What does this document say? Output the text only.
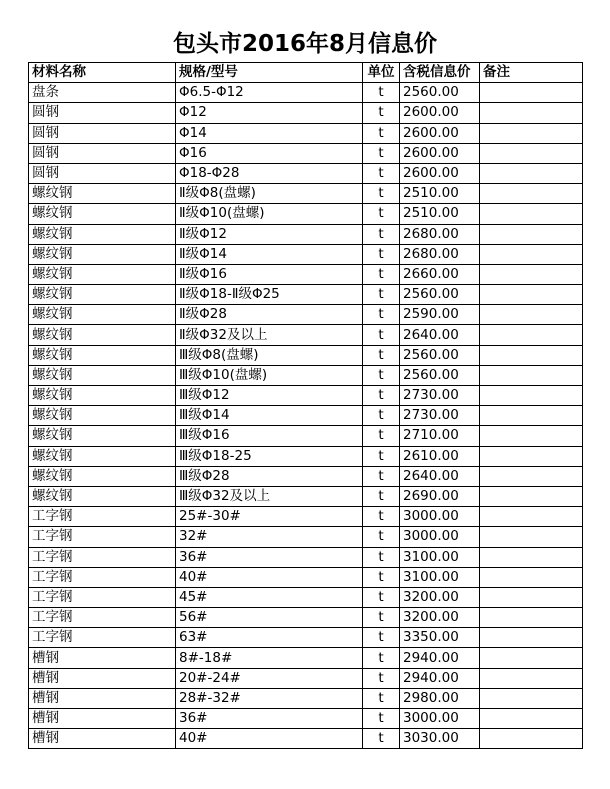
包头市2016年8月信息价
材料名称	规格/型号	单位	含税信息价	备注
盘条	Φ6.5-Φ12	t	2560.00	
圆钢	Φ12	t	2600.00	
圆钢	Φ14	t	2600.00	
圆钢	Φ16	t	2600.00	
圆钢	Φ18-Φ28	t	2600.00	
螺纹钢	Ⅱ级Φ8(盘螺)	t	2510.00	
螺纹钢	Ⅱ级Φ10(盘螺)	t	2510.00	
螺纹钢	Ⅱ级Φ12	t	2680.00	
螺纹钢	Ⅱ级Φ14	t	2680.00	
螺纹钢	Ⅱ级Φ16	t	2660.00	
螺纹钢	Ⅱ级Φ18-Ⅱ级Φ25	t	2560.00	
螺纹钢	Ⅱ级Φ28	t	2590.00	
螺纹钢	Ⅱ级Φ32及以上	t	2640.00	
螺纹钢	Ⅲ级Φ8(盘螺)	t	2560.00	
螺纹钢	Ⅲ级Φ10(盘螺)	t	2560.00	
螺纹钢	Ⅲ级Φ12	t	2730.00	
螺纹钢	Ⅲ级Φ14	t	2730.00	
螺纹钢	Ⅲ级Φ16	t	2710.00	
螺纹钢	Ⅲ级Φ18-25	t	2610.00	
螺纹钢	Ⅲ级Φ28	t	2640.00	
螺纹钢	Ⅲ级Φ32及以上	t	2690.00	
工字钢	25#-30#	t	3000.00	
工字钢	32#	t	3000.00	
工字钢	36#	t	3100.00	
工字钢	40#	t	3100.00	
工字钢	45#	t	3200.00	
工字钢	56#	t	3200.00	
工字钢	63#	t	3350.00	
槽钢	8#-18#	t	2940.00	
槽钢	20#-24#	t	2940.00	
槽钢	28#-32#	t	2980.00	
槽钢	36#	t	3000.00	
槽钢	40#	t	3030.00	
